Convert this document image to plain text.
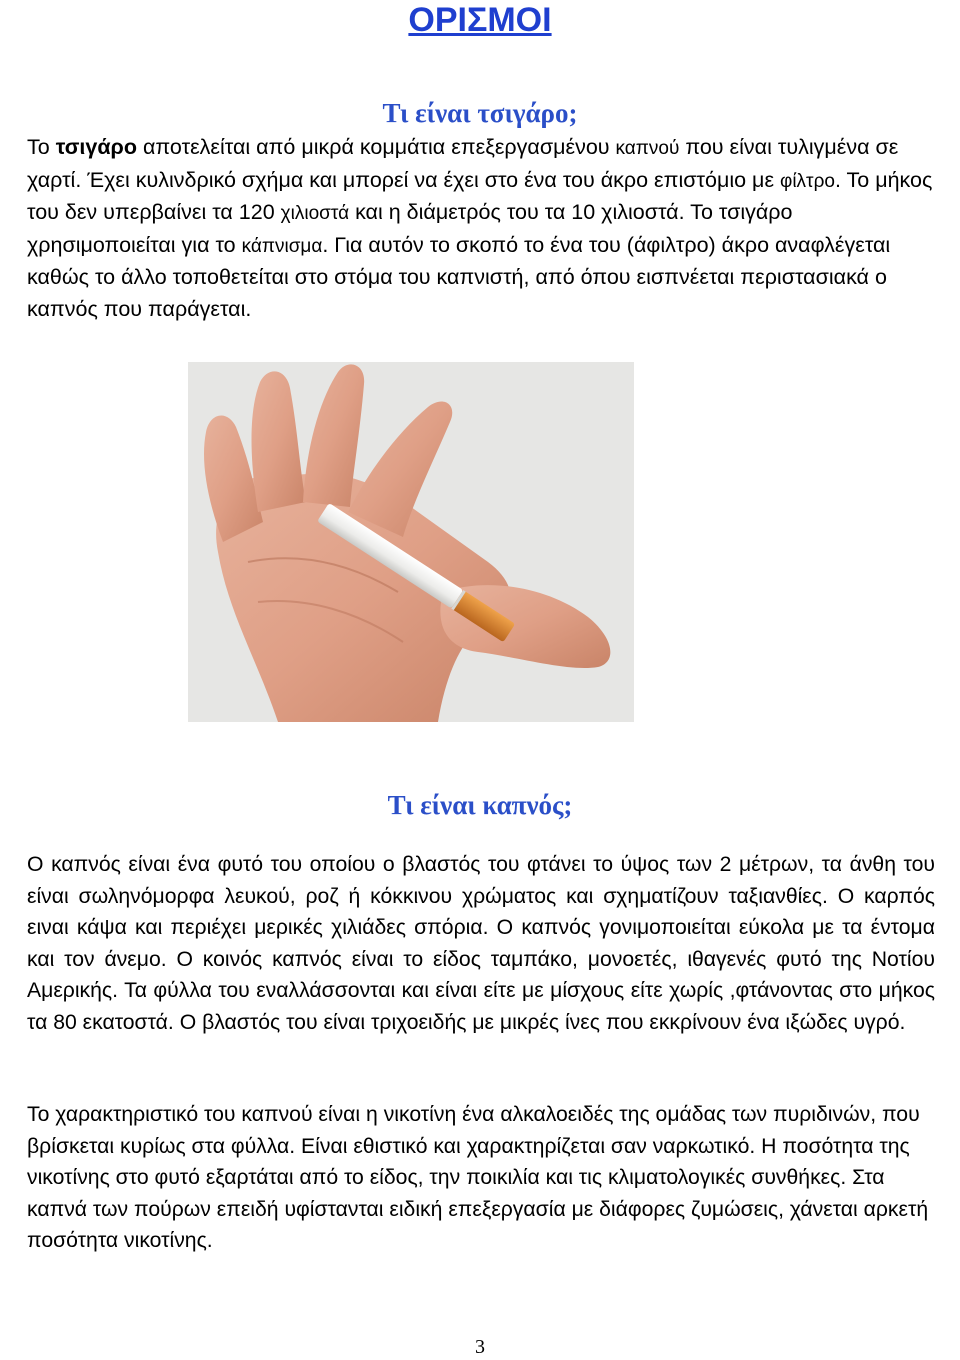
ΟΡΙΣΜΟΙ
Τι είναι τσιγάρο;

Το τσιγάρο αποτελείται από μικρά κομμάτια επεξεργασμένου καπνού που είναι τυλιγμένα σε χαρτί. Έχει κυλινδρικό σχήμα και μπορεί να έχει στο ένα του άκρο επιστόμιο με φίλτρο. Το μήκος του δεν υπερβαίνει τα 120 χιλιοστά και η διάμετρός του τα 10 χιλιοστά. Το τσιγάρο χρησιμοποιείται για το κάπνισμα. Για αυτόν το σκοπό το ένα του (άφιλτρο) άκρο αναφλέγεται καθώς το άλλο τοποθετείται στο στόμα του καπνιστή, από όπου εισπνέεται περιστασιακά ο καπνός που παράγεται.

Τι είναι καπνός;

Ο καπνός είναι ένα φυτό του οποίου ο βλαστός του φτάνει το ύψος των 2 μέτρων, τα άνθη του είναι σωληνόμορφα λευκού, ροζ ή κόκκινου χρώματος και σχηματίζουν ταξιανθίες. Ο καρπός ειναι κάψα και περιέχει μερικές χιλιάδες σπόρια. Ο καπνός γονιμοποιείται εύκολα με τα έντομα και τον άνεμο. Ο κοινός καπνός είναι το είδος ταμπάκο, μονοετές, ιθαγενές φυτό της Νοτίου Αμερικής. Τα φύλλα του εναλλάσσονται και είναι είτε με μίσχους είτε χωρίς ,φτάνοντας στο μήκος τα 80 εκατοστά. Ο βλαστός του είναι τριχοειδής με μικρές ίνες που εκκρίνουν ένα ιξώδες υγρό.

Το χαρακτηριστικό του καπνού είναι η νικοτίνη ένα αλκαλοειδές της ομάδας των πυριδινών, που βρίσκεται κυρίως στα φύλλα. Είναι εθιστικό και χαρακτηρίζεται σαν ναρκωτικό. Η ποσότητα της νικοτίνης στο φυτό εξαρτάται από το είδος, την ποικιλία και τις κλιματολογικές συνθήκες. Στα καπνά των πούρων επειδή υφίστανται ειδική επεξεργασία με διάφορες ζυμώσεις, χάνεται αρκετή ποσότητα νικοτίνης.

3
